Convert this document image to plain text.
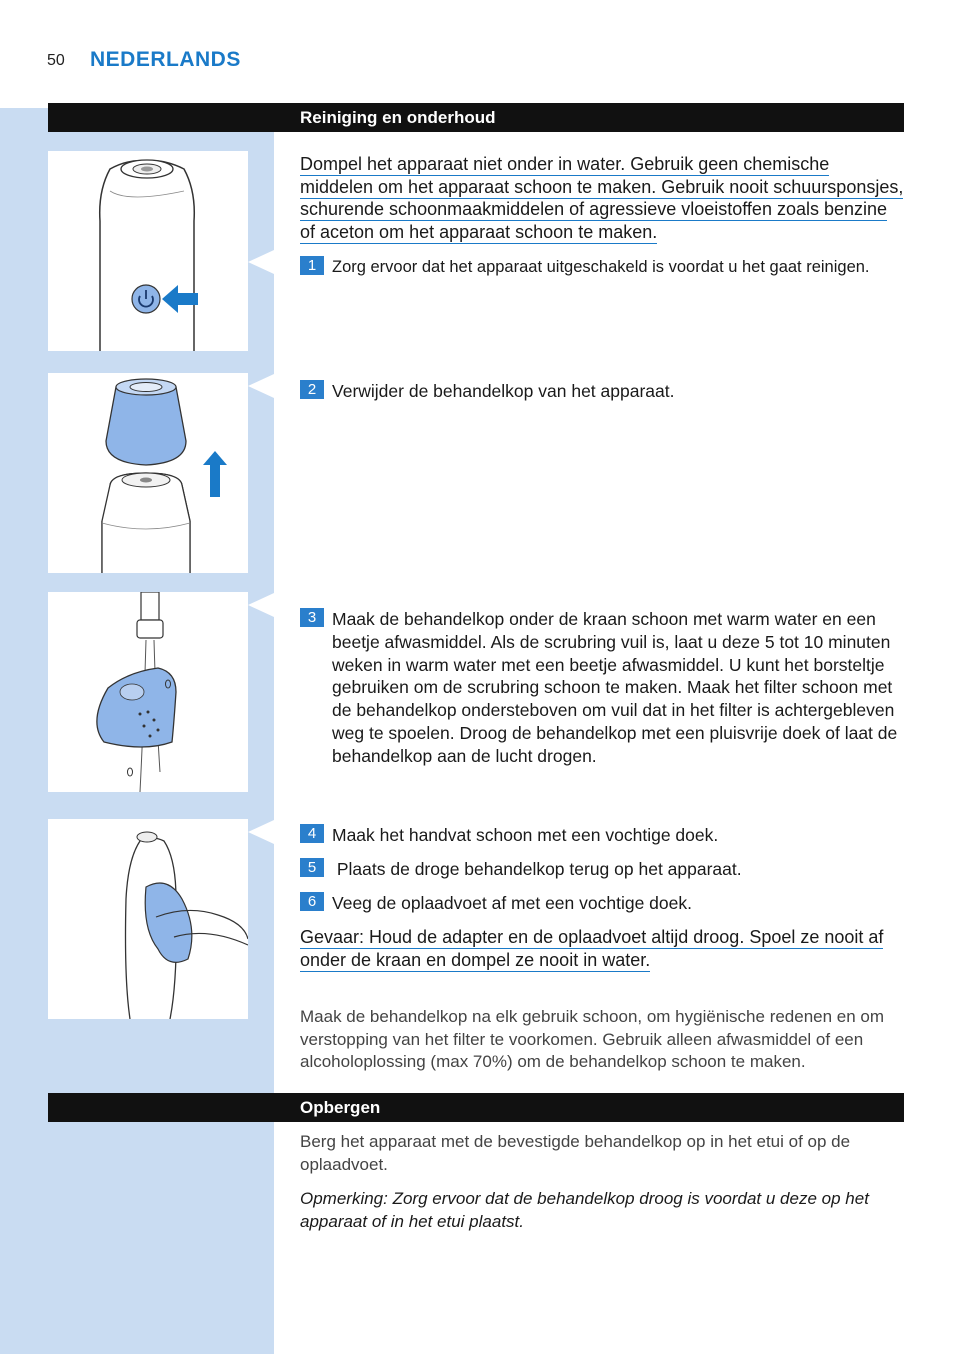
50 NEDERLANDS
Reiniging en onderhoud
Dompel het apparaat niet onder in water. Gebruik geen chemische middelen om het apparaat schoon te maken. Gebruik nooit schuursponsjes, schurende schoonmaakmiddelen of agressieve vloeistoffen zoals benzine of aceton om het apparaat schoon te maken.
1 Zorg ervoor dat het apparaat uitgeschakeld is voordat u het gaat reinigen.
2 Verwijder de behandelkop van het apparaat.
3 Maak de behandelkop onder de kraan schoon met warm water en een beetje afwasmiddel. Als de scrubring vuil is, laat u deze 5 tot 10 minuten weken in warm water met een beetje afwasmiddel. U kunt het borsteltje gebruiken om de scrubring schoon te maken. Maak het filter schoon met de behandelkop ondersteboven om vuil dat in het filter is achtergebleven weg te spoelen. Droog de behandelkop met een pluisvrije doek of laat de behandelkop aan de lucht drogen.
4 Maak het handvat schoon met een vochtige doek.
5 Plaats de droge behandelkop terug op het apparaat.
6 Veeg de oplaadvoet af met een vochtige doek.
Gevaar: Houd de adapter en de oplaadvoet altijd droog. Spoel ze nooit af onder de kraan en dompel ze nooit in water.
Maak de behandelkop na elk gebruik schoon, om hygiënische redenen en om verstopping van het filter te voorkomen. Gebruik alleen afwasmiddel of een alcoholoplossing (max 70%) om de behandelkop schoon te maken.
Opbergen
Berg het apparaat met de bevestigde behandelkop op in het etui of op de oplaadvoet.
Opmerking: Zorg ervoor dat de behandelkop droog is voordat u deze op het apparaat of in het etui plaatst.
